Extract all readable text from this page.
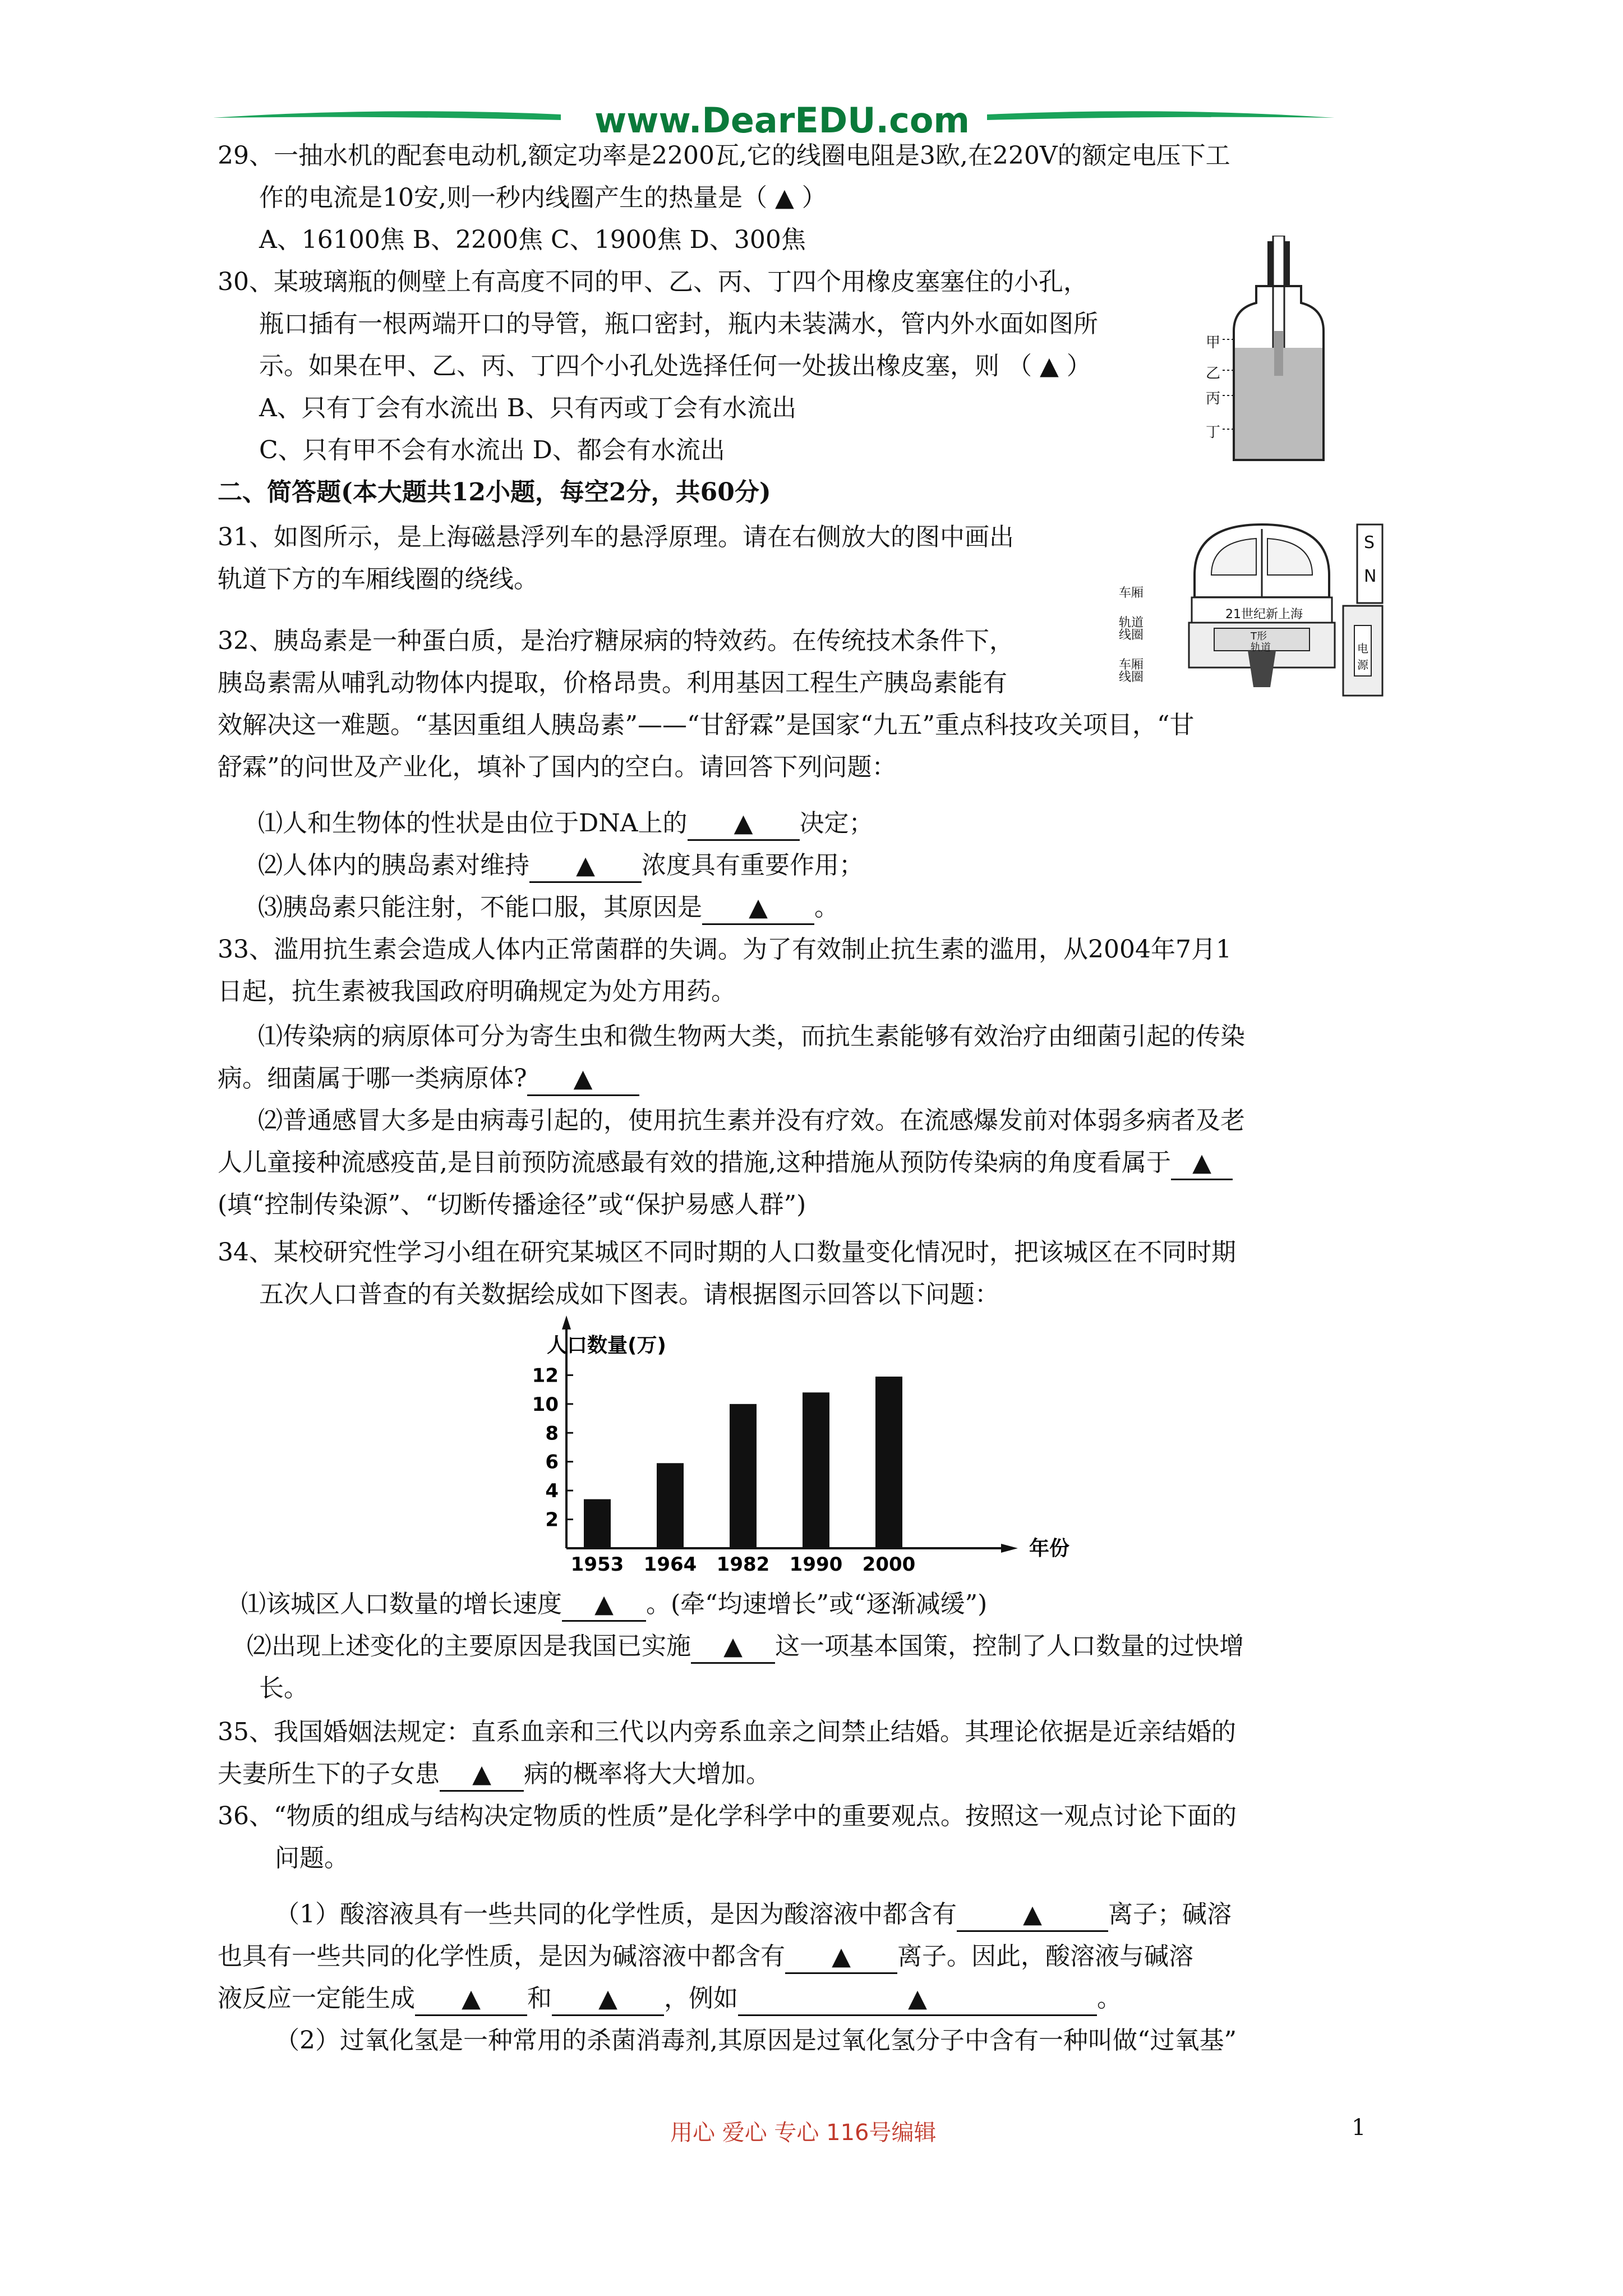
www.DearEDU.com
29、一抽水机的配套电动机,额定功率是2200瓦,它的线圈电阻是3欧,在220V的额定电压下工
作的电流是10安,则一秒内线圈产生的热量是（ ▲ ）
A、16100焦 B、2200焦 C、1900焦 D、300焦
30、某玻璃瓶的侧壁上有高度不同的甲、乙、丙、丁四个用橡皮塞塞住的小孔，
瓶口插有一根两端开口的导管，瓶口密封，瓶内未装满水，管内外水面如图所
示。如果在甲、乙、丙、丁四个小孔处选择任何一处拔出橡皮塞，则 （ ▲ ）
A、只有丁会有水流出 B、只有丙或丁会有水流出
C、只有甲不会有水流出 D、都会有水流出
甲
乙
丙
丁
二、简答题(本大题共12小题，每空2分，共60分)
31、如图所示，是上海磁悬浮列车的悬浮原理。请在右侧放大的图中画出
轨道下方的车厢线圈的绕线。
21世纪新上海
车厢
轨道
线圈
车厢
线圈
S
N
电源
T形
轨道
32、胰岛素是一种蛋白质，是治疗糖尿病的特效药。在传统技术条件下，
胰岛素需从哺乳动物体内提取，价格昂贵。利用基因工程生产胰岛素能有
效解决这一难题。“基因重组人胰岛素”——“甘舒霖”是国家“九五”重点科技攻关项目，“甘
舒霖”的问世及产业化，填补了国内的空白。请回答下列问题：
⑴人和生物体的性状是由位于DNA上的 ▲ 决定；
⑵人体内的胰岛素对维持 ▲ 浓度具有重要作用；
⑶胰岛素只能注射，不能口服，其原因是 ▲ 。
33、滥用抗生素会造成人体内正常菌群的失调。为了有效制止抗生素的滥用，从2004年7月1
日起，抗生素被我国政府明确规定为处方用药。
⑴传染病的病原体可分为寄生虫和微生物两大类，而抗生素能够有效治疗由细菌引起的传染
病。细菌属于哪一类病原体? ▲
⑵普通感冒大多是由病毒引起的，使用抗生素并没有疗效。在流感爆发前对体弱多病者及老
人儿童接种流感疫苗,是目前预防流感最有效的措施,这种措施从预防传染病的角度看属于 ▲
(填“控制传染源”、“切断传播途径”或“保护易感人群”)
34、某校研究性学习小组在研究某城区不同时期的人口数量变化情况时，把该城区在不同时期
五次人口普查的有关数据绘成如下图表。请根据图示回答以下问题：
人口数量(万)
年份
2
4
6
8
10
12
1953 1964 1982 1990 2000
⑴该城区人口数量的增长速度 ▲ 。(牵“均速增长”或“逐渐减缓”)
⑵出现上述变化的主要原因是我国已实施 ▲ 这一项基本国策，控制了人口数量的过快增
长。
35、我国婚姻法规定：直系血亲和三代以内旁系血亲之间禁止结婚。其理论依据是近亲结婚的
夫妻所生下的子女患 ▲ 病的概率将大大增加。
36、“物质的组成与结构决定物质的性质”是化学科学中的重要观点。按照这一观点讨论下面的
问题。
（1）酸溶液具有一些共同的化学性质，是因为酸溶液中都含有	▲	离子；碱溶
也具有一些共同的化学性质，是因为碱溶液中都含有 ▲ 离子。因此，酸溶液与碱溶
液反应一定能生成 ▲ 和 ▲ ，例如	▲	。
（2）过氧化氢是一种常用的杀菌消毒剂,其原因是过氧化氢分子中含有一种叫做“过氧基”
用心 爱心 专心 116号编辑	1
